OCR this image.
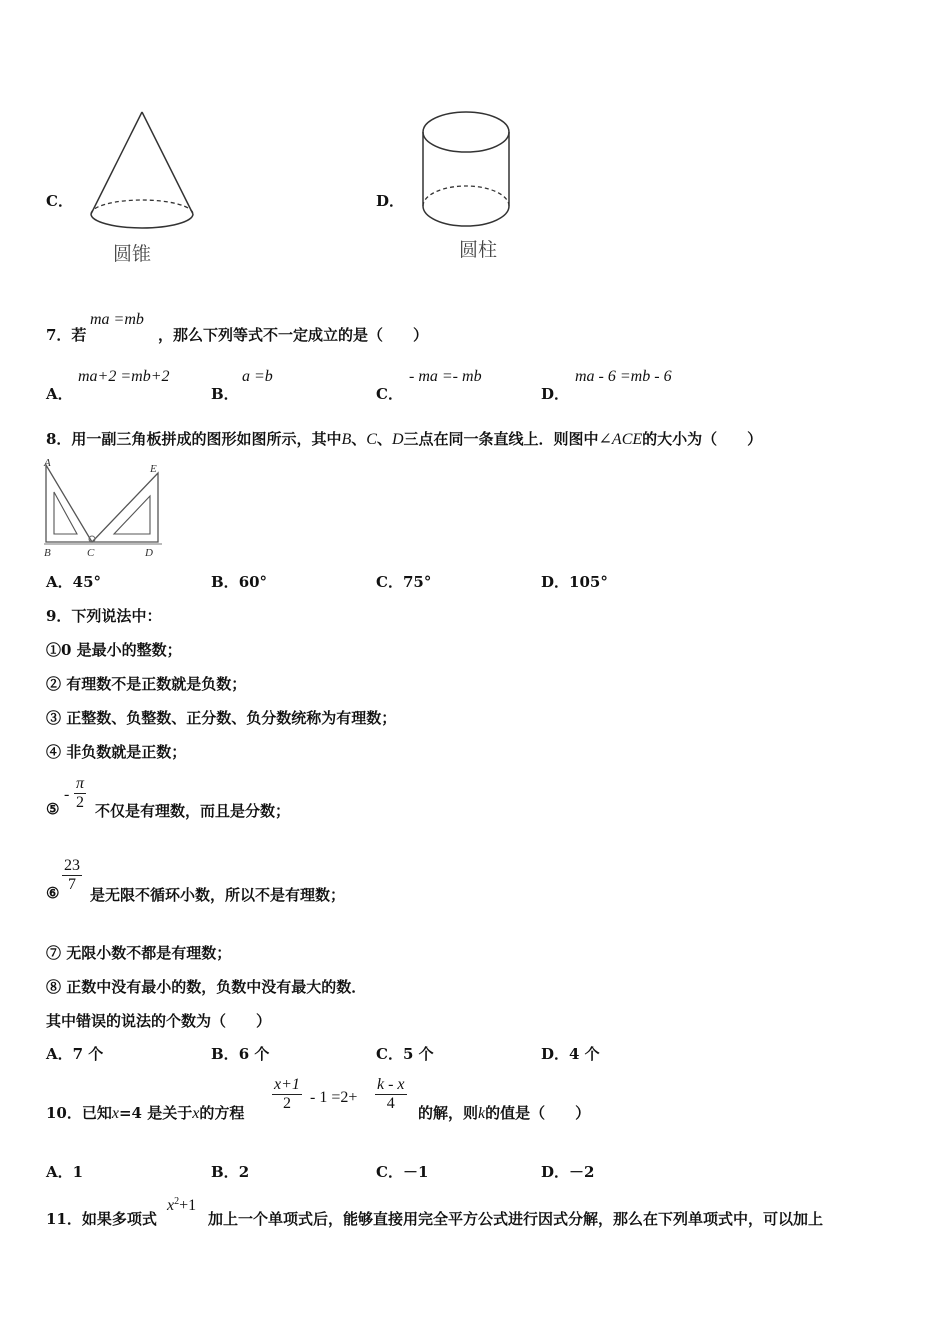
C．
圆锥
D．
圆柱
7．若
ma =mb
，那么下列等式不一定成立的是（　　）
A．
ma+2 =mb+2
B．
a =b
C．
- ma =- mb
D．
ma - 6 =mb - 6
8．用一副三角板拼成的图形如图所示，其中B、C、D三点在同一条直线上．则图中∠ACE的大小为（　　）
A	E
B	C	D
A．45°	B．60°	C．75°	D．105°
9．下列说法中：
①0 是最小的整数；
② 有理数不是正数就是负数；
③ 正整数、负整数、正分数、负分数统称为有理数；
④ 非负数就是正数；
⑤
-
π
2 不仅是有理数，而且是分数；
⑥
23
7
是无限不循环小数，所以不是有理数；
⑦ 无限小数不都是有理数；
⑧ 正数中没有最小的数，负数中没有最大的数．
其中错误的说法的个数为（　　）
A．7 个	B．6 个	C．5 个	D．4 个
10．已知x=4 是关于x的方程
x+1
2 - 1 =2+
k - x
4
的解，则k的值是（　　）
A．1	B．2	C．－1	D．－2
11．如果多项式
$x^2+1$
加上一个单项式后，能够直接用完全平方公式进行因式分解，那么在下列单项式中，可以加上
